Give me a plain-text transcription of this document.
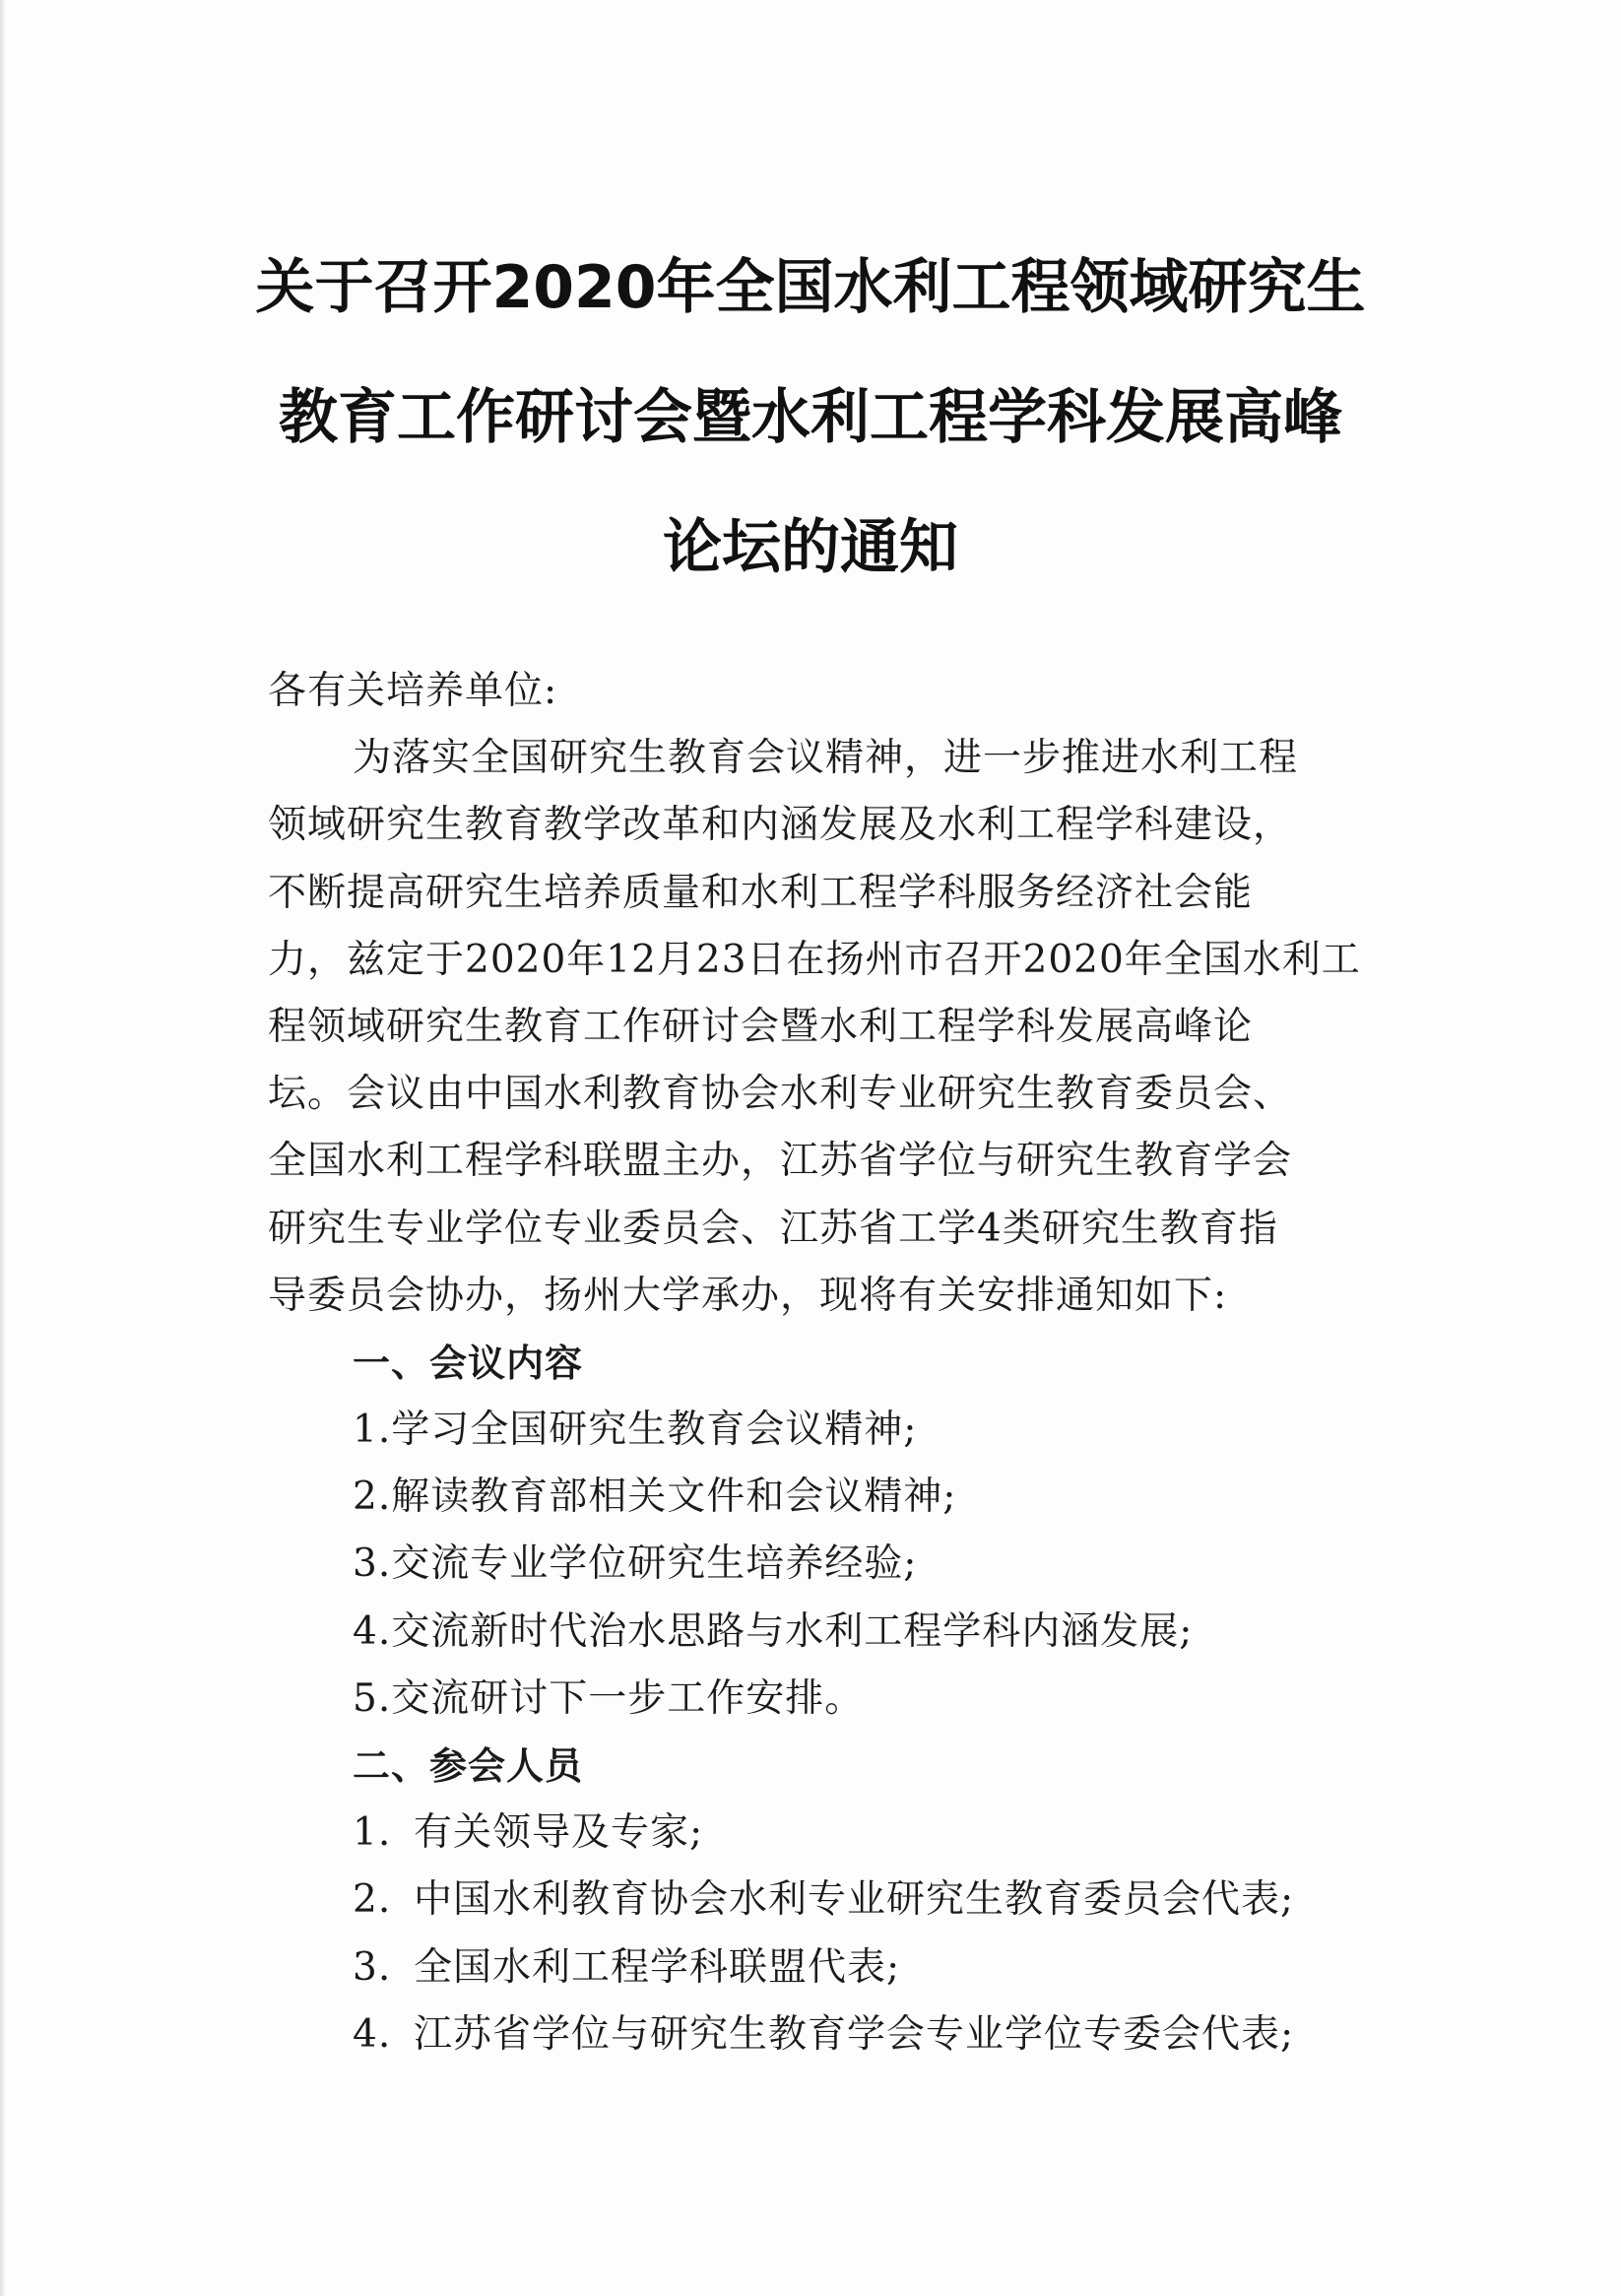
关于召开2020年全国水利工程领域研究生
教育工作研讨会暨水利工程学科发展高峰
论坛的通知
各有关培养单位:
为落实全国研究生教育会议精神，进一步推进水利工程
领域研究生教育教学改革和内涵发展及水利工程学科建设，
不断提高研究生培养质量和水利工程学科服务经济社会能
力，兹定于2020年12月23日在扬州市召开2020年全国水利工
程领域研究生教育工作研讨会暨水利工程学科发展高峰论
坛。会议由中国水利教育协会水利专业研究生教育委员会、
全国水利工程学科联盟主办，江苏省学位与研究生教育学会
研究生专业学位专业委员会、江苏省工学4类研究生教育指
导委员会协办，扬州大学承办，现将有关安排通知如下:
一、会议内容
1.学习全国研究生教育会议精神;
2.解读教育部相关文件和会议精神;
3.交流专业学位研究生培养经验;
4.交流新时代治水思路与水利工程学科内涵发展;
5.交流研讨下一步工作安排。
二、参会人员
1. 有关领导及专家;
2. 中国水利教育协会水利专业研究生教育委员会代表;
3. 全国水利工程学科联盟代表;
4. 江苏省学位与研究生教育学会专业学位专委会代表;
